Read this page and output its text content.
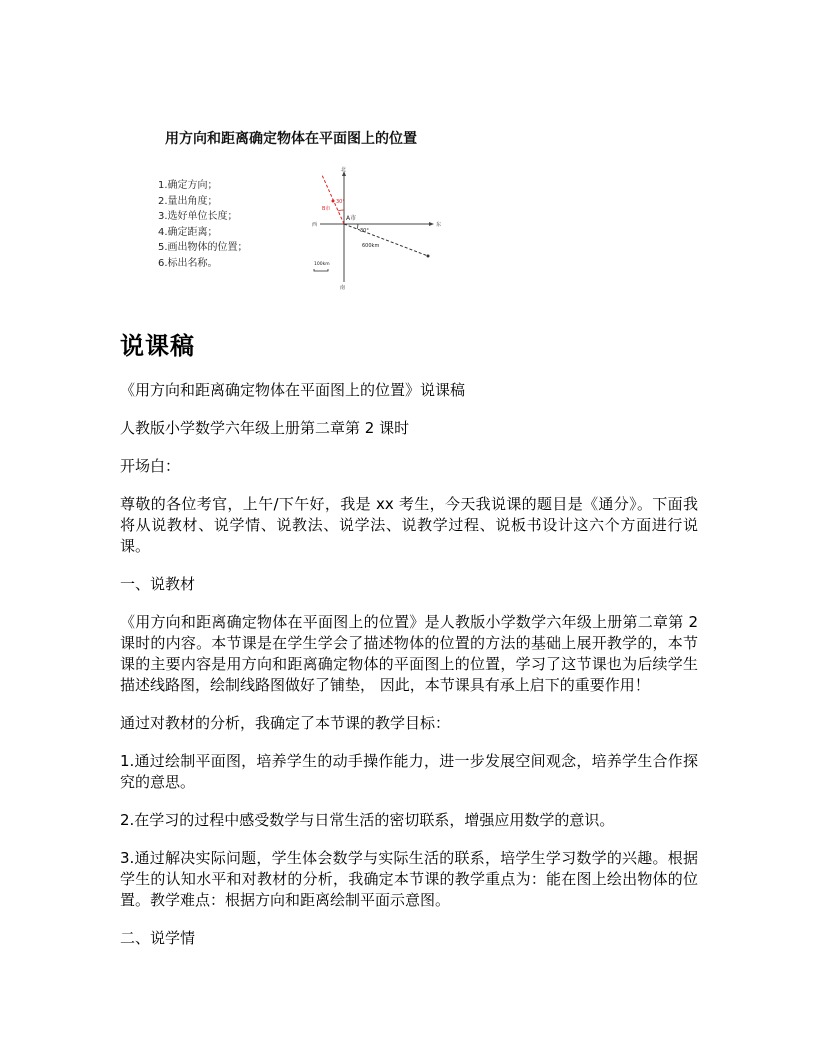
用方向和距离确定物体在平面图上的位置
1.确定方向；
2.量出角度；
3.选好单位长度；
4.确定距离；
5.画出物体的位置；
6.标出名称。
北
南
西	东
A市
B市
30°
30°
600km
100km
说课稿

《用方向和距离确定物体在平面图上的位置》说课稿

人教版小学数学六年级上册第二章第 2 课时

开场白：

尊敬的各位考官，上午/下午好，我是 xx 考生，今天我说课的题目是《通分》。下面我将从说教材、说学情、说教法、说学法、说教学过程、说板书设计这六个方面进行说课。

一、说教材

《用方向和距离确定物体在平面图上的位置》是人教版小学数学六年级上册第二章第 2 课时的内容。本节课是在学生学会了描述物体的位置的方法的基础上展开教学的，本节课的主要内容是用方向和距离确定物体的平面图上的位置，学习了这节课也为后续学生描述线路图，绘制线路图做好了铺垫， 因此，本节课具有承上启下的重要作用！

通过对教材的分析，我确定了本节课的教学目标：

1.通过绘制平面图，培养学生的动手操作能力，进一步发展空间观念，培养学生合作探究的意思。

2.在学习的过程中感受数学与日常生活的密切联系，增强应用数学的意识。

3.通过解决实际问题，学生体会数学与实际生活的联系，培学生学习数学的兴趣。根据学生的认知水平和对教材的分析，我确定本节课的教学重点为：能在图上绘出物体的位置。教学难点：根据方向和距离绘制平面示意图。

二、说学情
